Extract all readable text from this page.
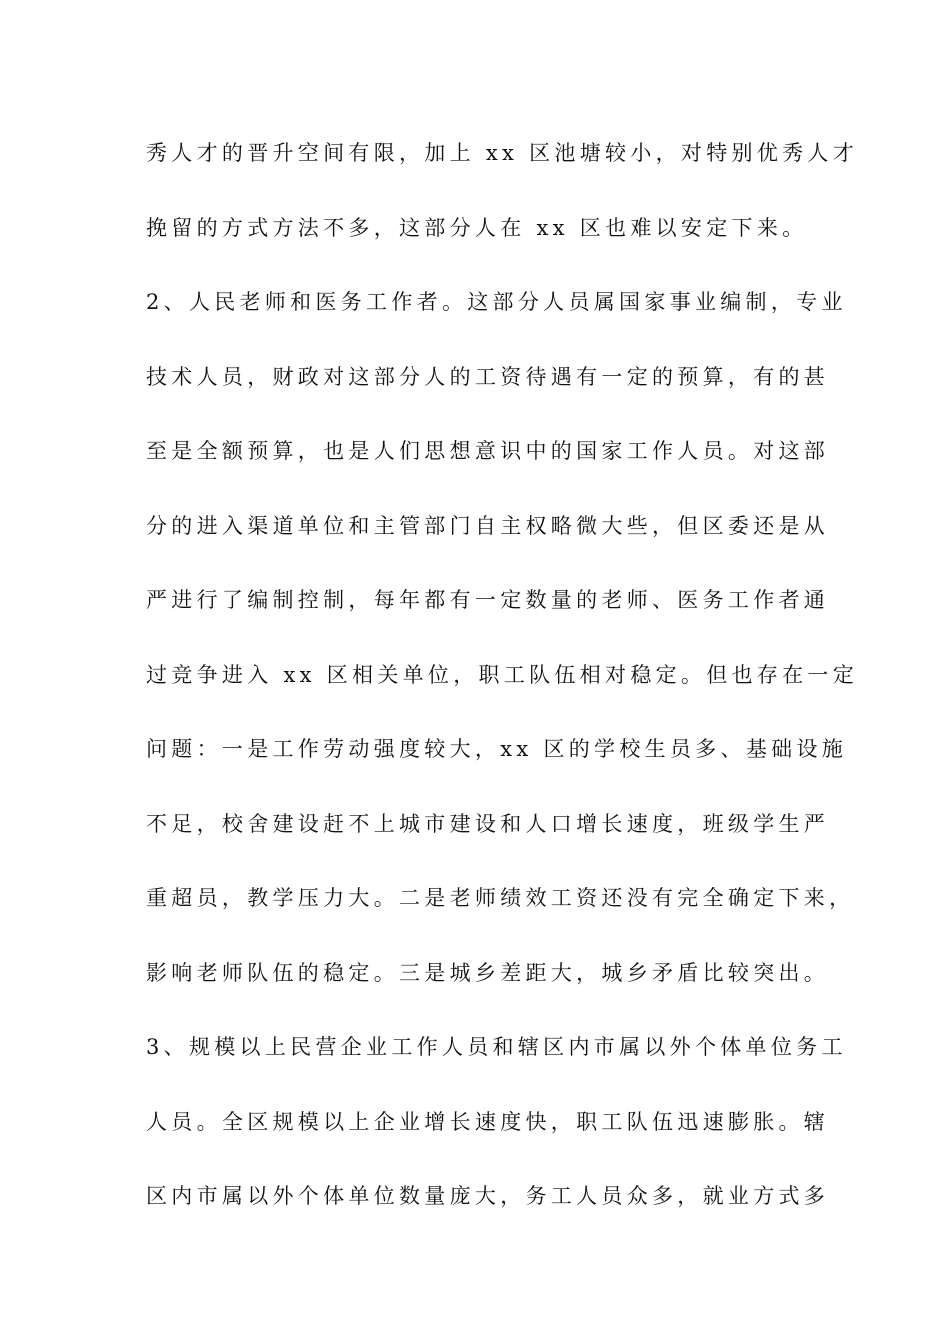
秀人才的晋升空间有限，加上 xx 区池塘较小，对特别优秀人才
挽留的方式方法不多，这部分人在 xx 区也难以安定下来。
2、人民老师和医务工作者。这部分人员属国家事业编制，专业
技术人员，财政对这部分人的工资待遇有一定的预算，有的甚
至是全额预算，也是人们思想意识中的国家工作人员。对这部
分的进入渠道单位和主管部门自主权略微大些，但区委还是从
严进行了编制控制，每年都有一定数量的老师、医务工作者通
过竞争进入 xx 区相关单位，职工队伍相对稳定。但也存在一定
问题：一是工作劳动强度较大，xx 区的学校生员多、基础设施
不足，校舍建设赶不上城市建设和人口增长速度，班级学生严
重超员，教学压力大。二是老师绩效工资还没有完全确定下来，
影响老师队伍的稳定。三是城乡差距大，城乡矛盾比较突出。
3、规模以上民营企业工作人员和辖区内市属以外个体单位务工
人员。全区规模以上企业增长速度快，职工队伍迅速膨胀。辖
区内市属以外个体单位数量庞大，务工人员众多，就业方式多
